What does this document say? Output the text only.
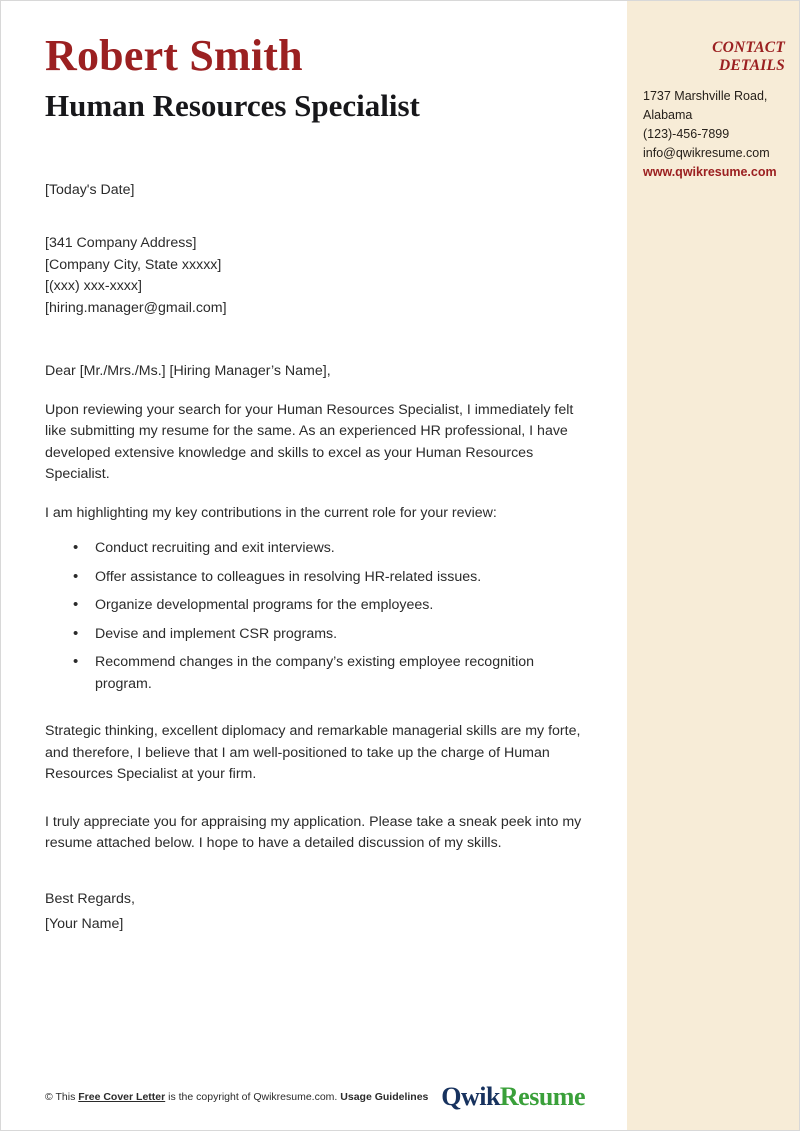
CONTACT DETAILS
1737 Marshville Road,
Alabama
(123)-456-7899
info@qwikresume.com
www.qwikresume.com
Robert Smith
Human Resources Specialist

[Today's Date]

[341 Company Address]

[Company City, State xxxxx]

[(xxx) xxx-xxxx]

[hiring.manager@gmail.com]

Dear [Mr./Mrs./Ms.] [Hiring Manager’s Name],

Upon reviewing your search for your Human Resources Specialist, I immediately felt like submitting my resume for the same. As an experienced HR professional, I have developed extensive knowledge and skills to excel as your Human Resources Specialist.

I am highlighting my key contributions in the current role for your review:

• Conduct recruiting and exit interviews.
• Offer assistance to colleagues in resolving HR-related issues.
• Organize developmental programs for the employees.
• Devise and implement CSR programs.
• Recommend changes in the company’s existing employee recognition program.

Strategic thinking, excellent diplomacy and remarkable managerial skills are my forte, and therefore, I believe that I am well-positioned to take up the charge of Human Resources Specialist at your firm.

I truly appreciate you for appraising my application. Please take a sneak peek into my resume attached below. I hope to have a detailed discussion of my skills.

Best Regards,

[Your Name]

© This Free Cover Letter is the copyright of Qwikresume.com. Usage Guidelines Qwik Resume
